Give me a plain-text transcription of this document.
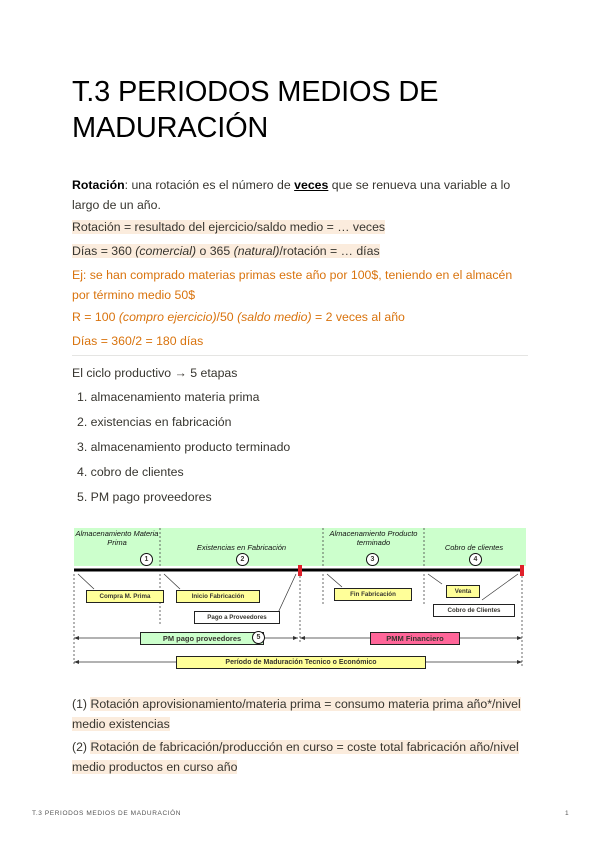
T.3 PERIODOS MEDIOS DE MADURACIÓN

Rotación: una rotación es el número de veces que se renueva una variable a lo largo de un año.

Rotación = resultado del ejercicio/saldo medio = … veces

Días = 360 (comercial) o 365 (natural)/rotación = … días

Ej: se han comprado materias primas este año por 100$, teniendo en el almacén por término medio 50$

R = 100 (compro ejercicio)/50 (saldo medio) = 2 veces al año

Días = 360/2 = 180 días

El ciclo productivo → 5 etapas

1. almacenamiento materia prima
2. existencias en fabricación
3. almacenamiento producto terminado
4. cobro de clientes
5. PM pago proveedores
Almacenamiento Materia Prima
Existencias en Fabricación
Almacenamiento Producto terminado
Cobro de clientes
1	2	3	4
Compra M. Prima	Inicio Fabricación
Pago a Proveedores
Fin Fabricación	Venta
Cobro de Clientes
PM pago proveedores	5	PMM Financiero
Período de Maduración Tecnico o Económico

(1) Rotación aprovisionamiento/materia prima = consumo materia prima año*/nivel medio existencias

(2) Rotación de fabricación/producción en curso = coste total fabricación año/nivel medio productos en curso año

T.3 PERIODOS MEDIOS DE MADURACIÓN	1
